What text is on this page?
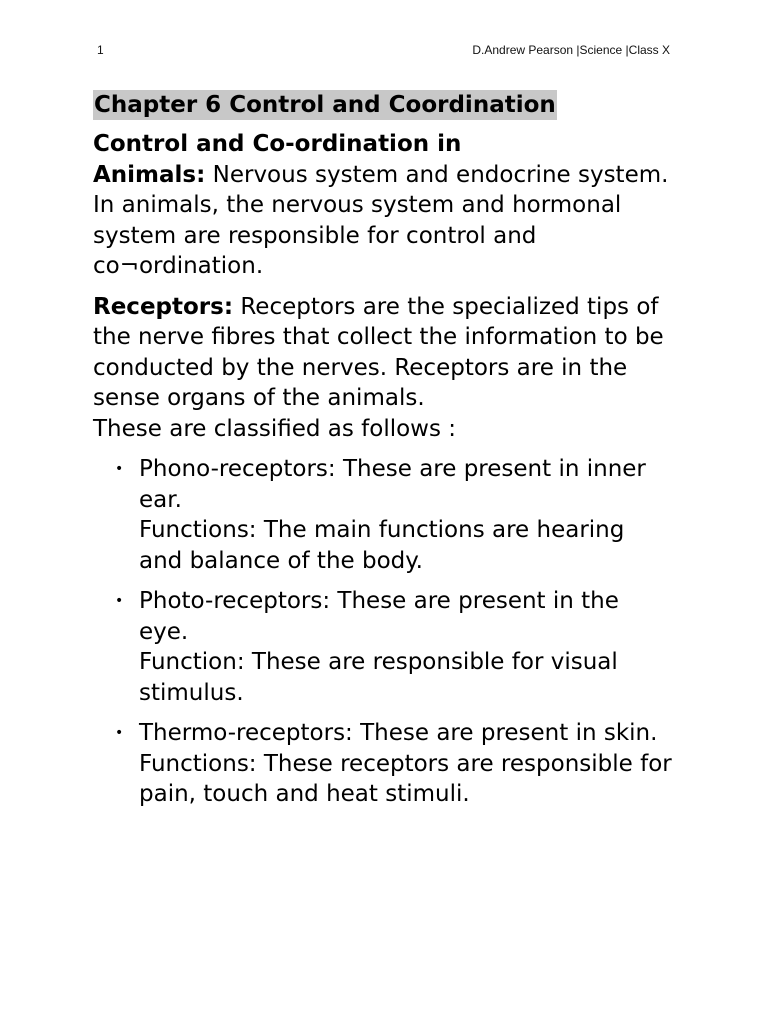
1	D.Andrew Pearson |Science |Class X
Chapter 6 Control and Coordination

Control and Co-ordination in
Animals: Nervous system and endocrine system.
In animals, the nervous system and hormonal system are responsible for control and co¬ordination.

Receptors: Receptors are the specialized tips of the nerve fibres that collect the information to be conducted by the nerves. Receptors are in the sense organs of the animals.
These are classified as follows :

• Phono-receptors: These are present in inner ear.
Functions: The main functions are hearing and balance of the body.
• Photo-receptors: These are present in the eye.
Function: These are responsible for visual stimulus.
• Thermo-receptors: These are present in skin.
Functions: These receptors are responsible for pain, touch and heat stimuli.
